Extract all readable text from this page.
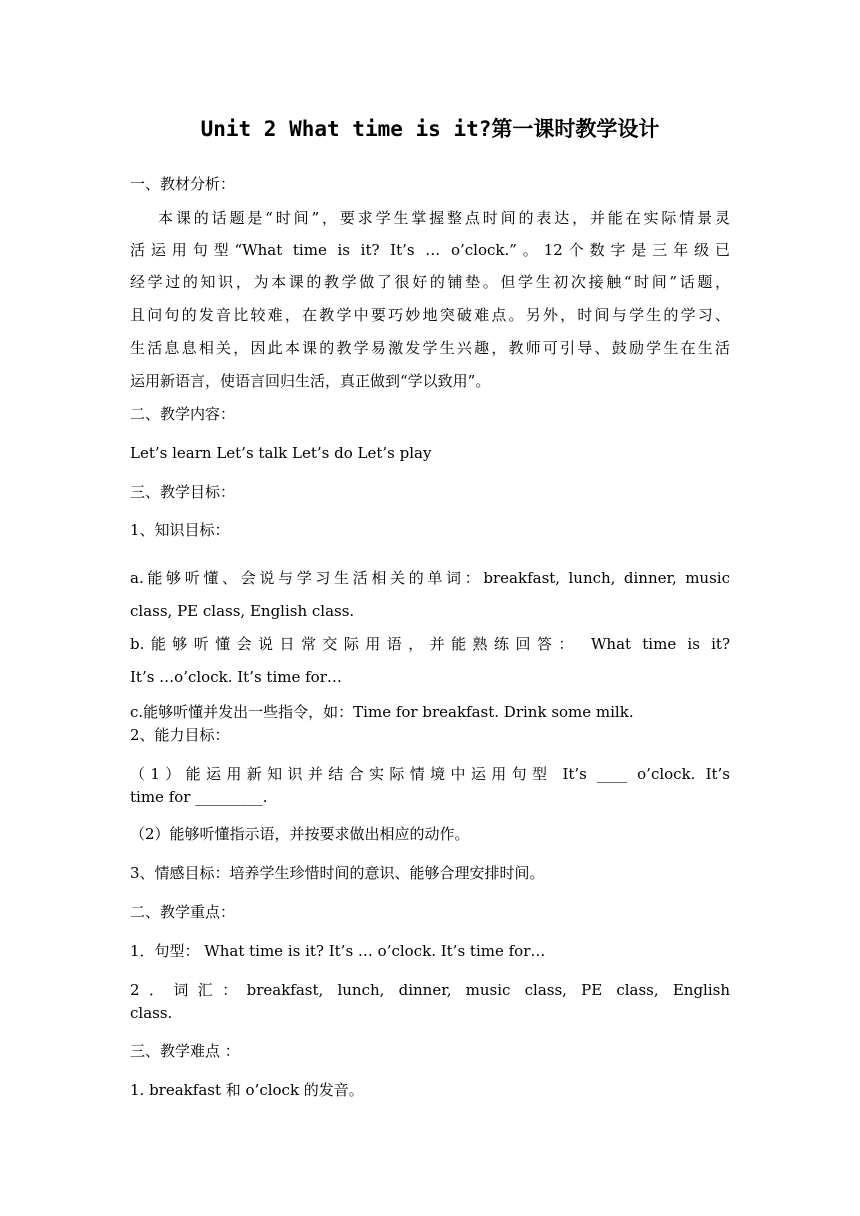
Unit 2 What time is it?第一课时教学设计
一、教材分析：
本课的话题是“时间”，要求学生掌握整点时间的表达，并能在实际情景灵
活运用句型“What time is it? It’s … o’clock.”。12个数字是三年级已
经学过的知识，为本课的教学做了很好的铺垫。但学生初次接触“时间”话题，
且问句的发音比较难，在教学中要巧妙地突破难点。另外，时间与学生的学习、
生活息息相关，因此本课的教学易激发学生兴趣，教师可引导、鼓励学生在生活
运用新语言，使语言回归生活，真正做到“学以致用”。
二、教学内容：
Let’s learn Let’s talk Let’s do Let’s play
三、教学目标：
1、知识目标：
a.能够听懂、会说与学习生活相关的单词：breakfast, lunch, dinner, music
class, PE class, English class.
b.能够听懂会说日常交际用语，并能熟练回答： What time is it?
It’s …o’clock. It’s time for…
c.能够听懂并发出一些指令，如：Time for breakfast. Drink some milk.
2、能力目标：
（1）能运用新知识并结合实际情境中运用句型 It’s ____ o’clock. It’s
time for _________.
（2）能够听懂指示语，并按要求做出相应的动作。
3、情感目标：培养学生珍惜时间的意识、能够合理安排时间。
二、教学重点：
1．句型： What time is it? It’s … o’clock. It’s time for…
2．词汇：breakfast, lunch, dinner, music class, PE class, English
class.
三、教学难点 ：
1. breakfast 和 o’clock 的发音。
